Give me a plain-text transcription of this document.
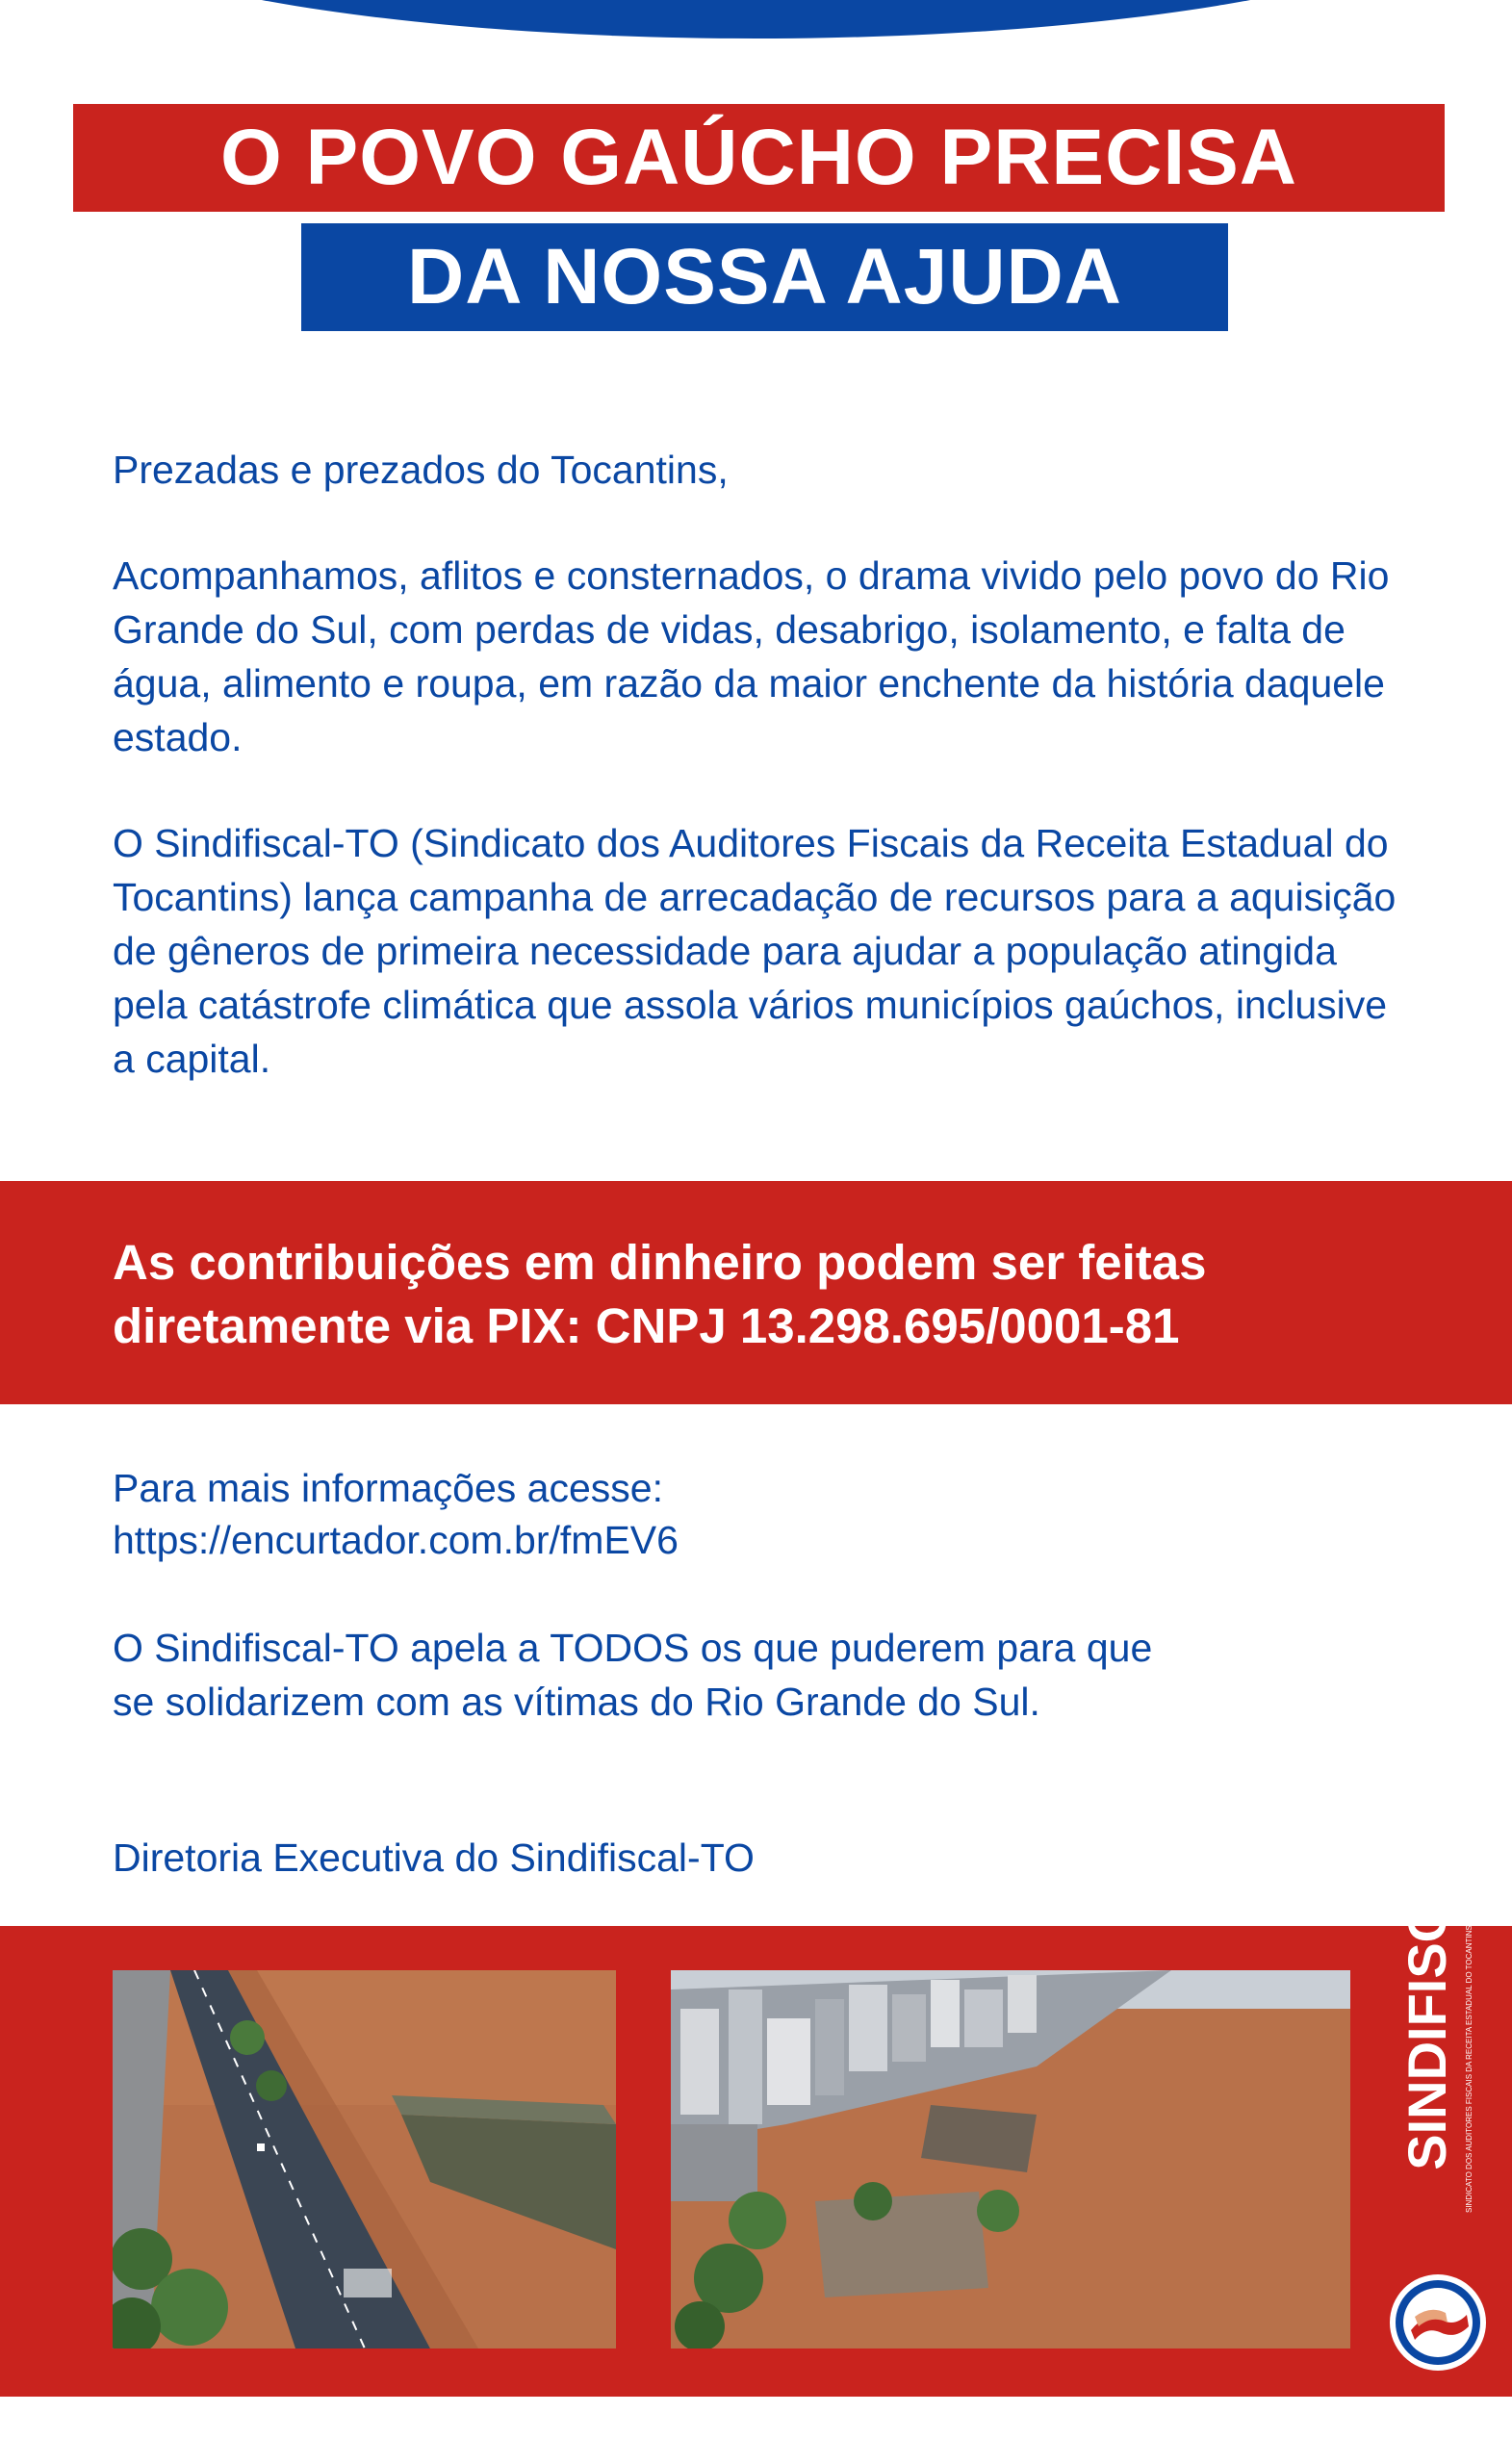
O POVO GAÚCHO PRECISA
DA NOSSA AJUDA

Prezadas e prezados do Tocantins,

Acompanhamos, aflitos e consternados, o drama vivido pelo povo do Rio Grande do Sul, com perdas de vidas, desabrigo, isolamento, e falta de água, alimento e roupa, em razão da maior enchente da história daquele estado.

O Sindifiscal-TO (Sindicato dos Auditores Fiscais da Receita Estadual do Tocantins) lança campanha de arrecadação de recursos para a aquisição de gêneros de primeira necessidade para ajudar a população atingida pela catástrofe climática que assola vários municípios gaúchos, inclusive a capital.

As contribuições em dinheiro podem ser feitas
diretamente via PIX: CNPJ 13.298.695/0001-81

Para mais informações acesse:

https://encurtador.com.br/fmEV6

O Sindifiscal-TO apela a TODOS os que puderem para que
se solidarizem com as vítimas do Rio Grande do Sul.

Diretoria Executiva do Sindifiscal-TO	SINDIFISCAL SINDICATO DOS AUDITORES FISCAIS DA RECEITA ESTADUAL DO TOCANTINS
